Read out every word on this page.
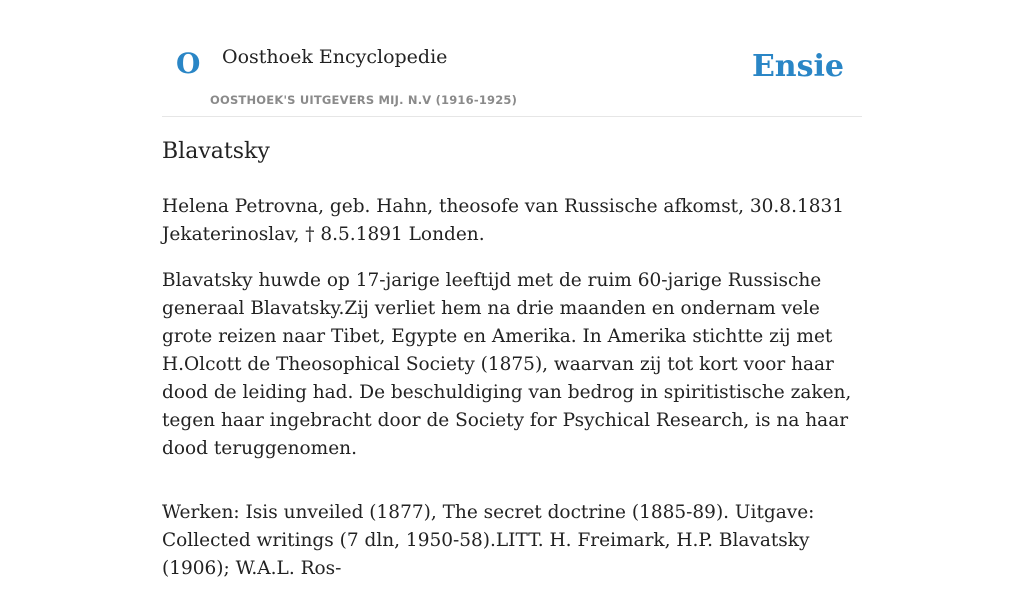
O Oosthoek Encyclopedie
OOSTHOEK'S UITGEVERS MIJ. N.V (1916-1925)
Ensie
Blavatsky

Helena Petrovna, geb. Hahn, theosofe van Russische afkomst, 30.8.1831 Jekaterinoslav, † 8.5.1891 Londen.

Blavatsky huwde op 17-jarige leeftijd met de ruim 60-jarige Russische generaal Blavatsky.Zij verliet hem na drie maanden en ondernam vele grote reizen naar Tibet, Egypte en Amerika. In Amerika stichtte zij met H.Olcott de Theosophical Society (1875), waarvan zij tot kort voor haar dood de leiding had. De beschuldiging van bedrog in spiritistische zaken, tegen haar ingebracht door de Society for Psychical Research, is na haar dood teruggenomen.

Werken: Isis unveiled (1877), The secret doctrine (1885-89). Uitgave: Collected writings (7 dln, 1950-58).LITT. H. Freimark, H.P. Blavatsky (1906); W.A.L. Ros-
